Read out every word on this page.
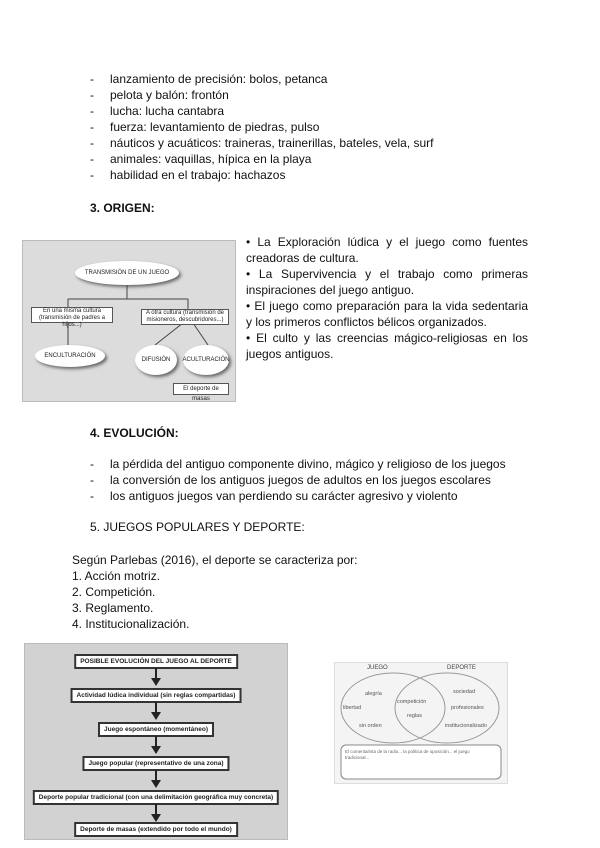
- lanzamiento de precisión: bolos, petanca
- pelota y balón: frontón
- lucha: lucha cantabra
- fuerza: levantamiento de piedras, pulso
- náuticos y acuáticos: traineras, trainerillas, bateles, vela, surf
- animales: vaquillas, hípica en la playa
- habilidad en el trabajo: hachazos
3. ORIGEN:
TRANSMISIÓN DE UN JUEGO
En una misma cultura (transmisión de padres a hijos...)
A otra cultura (transmisión de misioneros, descubridores...)
ENCULTURACIÓN
DIFUSIÓN	ACULTURACIÓN
El deporte de masas

• La Exploración lúdica y el juego como fuentes creadoras de cultura.

• La Supervivencia y el trabajo como primeras inspiraciones del juego antiguo.

• El juego como preparación para la vida sedentaria y los primeros conflictos bélicos organizados.

• El culto y las creencias mágico-religiosas en los juegos antiguos.

4. EVOLUCIÓN:
- la pérdida del antiguo componente divino, mágico y religioso de los juegos
- la conversión de los antiguos juegos de adultos en los juegos escolares
- los antiguos juegos van perdiendo su carácter agresivo y violento
5. JUEGOS POPULARES Y DEPORTE:
Según Parlebas (2016), el deporte se caracteriza por:
1. Acción motriz.
2. Competición.
3. Reglamento.
4. Institucionalización.
POSIBLE EVOLUCIÓN DEL JUEGO AL DEPORTE
Actividad lúdica individual (sin reglas compartidas)
Juego espontáneo (momentáneo)
Juego popular (representativo de una zona)
Deporte popular tradicional (con una delimitación geográfica muy concreta)
Deporte de masas (extendido por todo el mundo)
JUEGO	DEPORTE
alegría
libertad
sin orden
competición
reglas
sociedad
profesionales
institucionalizado
El comentarista de la radio... la política de oposición... el juego tradicional...
